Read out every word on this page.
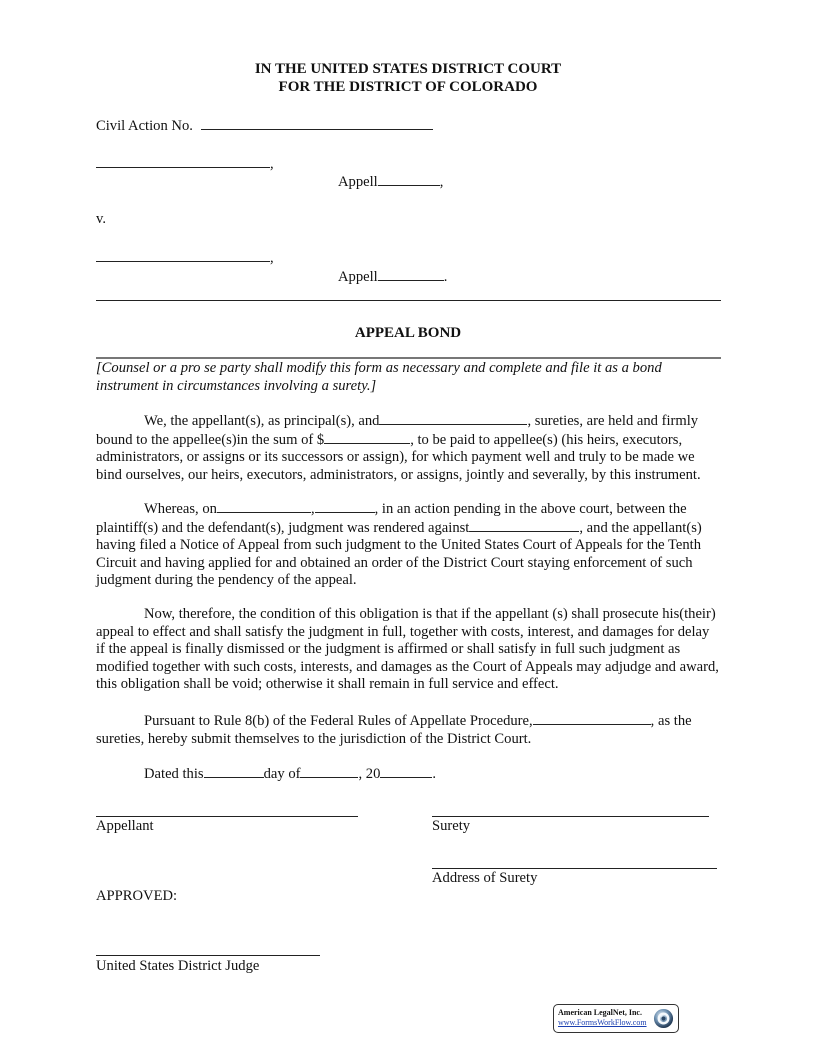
IN THE UNITED STATES DISTRICT COURT
FOR THE DISTRICT OF COLORADO
Civil Action No.
,
Appell	,
v.
,
Appell	.
APPEAL BOND
[Counsel or a pro se party shall modify this form as necessary and complete and file it as a bond instrument in circumstances involving a surety.]
We, the appellant(s), as principal(s), and	, sureties, are held and firmly bound to the appellee(s)in the sum of $	, to be paid to appellee(s) (his heirs, executors, administrators, or assigns or its successors or assign), for which payment well and truly to be made we bind ourselves, our heirs, executors, administrators, or assigns, jointly and severally, by this instrument.
Whereas, on	,	, in an action pending in the above court, between the plaintiff(s) and the defendant(s), judgment was rendered against	, and the appellant(s) having filed a Notice of Appeal from such judgment to the United States Court of Appeals for the Tenth Circuit and having applied for and obtained an order of the District Court staying enforcement of such judgment during the pendency of the appeal.
Now, therefore, the condition of this obligation is that if the appellant (s) shall prosecute his(their) appeal to effect and shall satisfy the judgment in full, together with costs, interest, and damages for delay if the appeal is finally dismissed or the judgment is affirmed or shall satisfy in full such judgment as modified together with such costs, interests, and damages as the Court of Appeals may adjudge and award, this obligation shall be void; otherwise it shall remain in full service and effect.
Pursuant to Rule 8(b) of the Federal Rules of Appellate Procedure,	, as the sureties, hereby submit themselves to the jurisdiction of the District Court.
Dated this	day of	, 20	.
Appellant	Surety
Address of Surety
APPROVED:
United States District Judge
American LegalNet, Inc.
www.FormsWorkFlow.com
